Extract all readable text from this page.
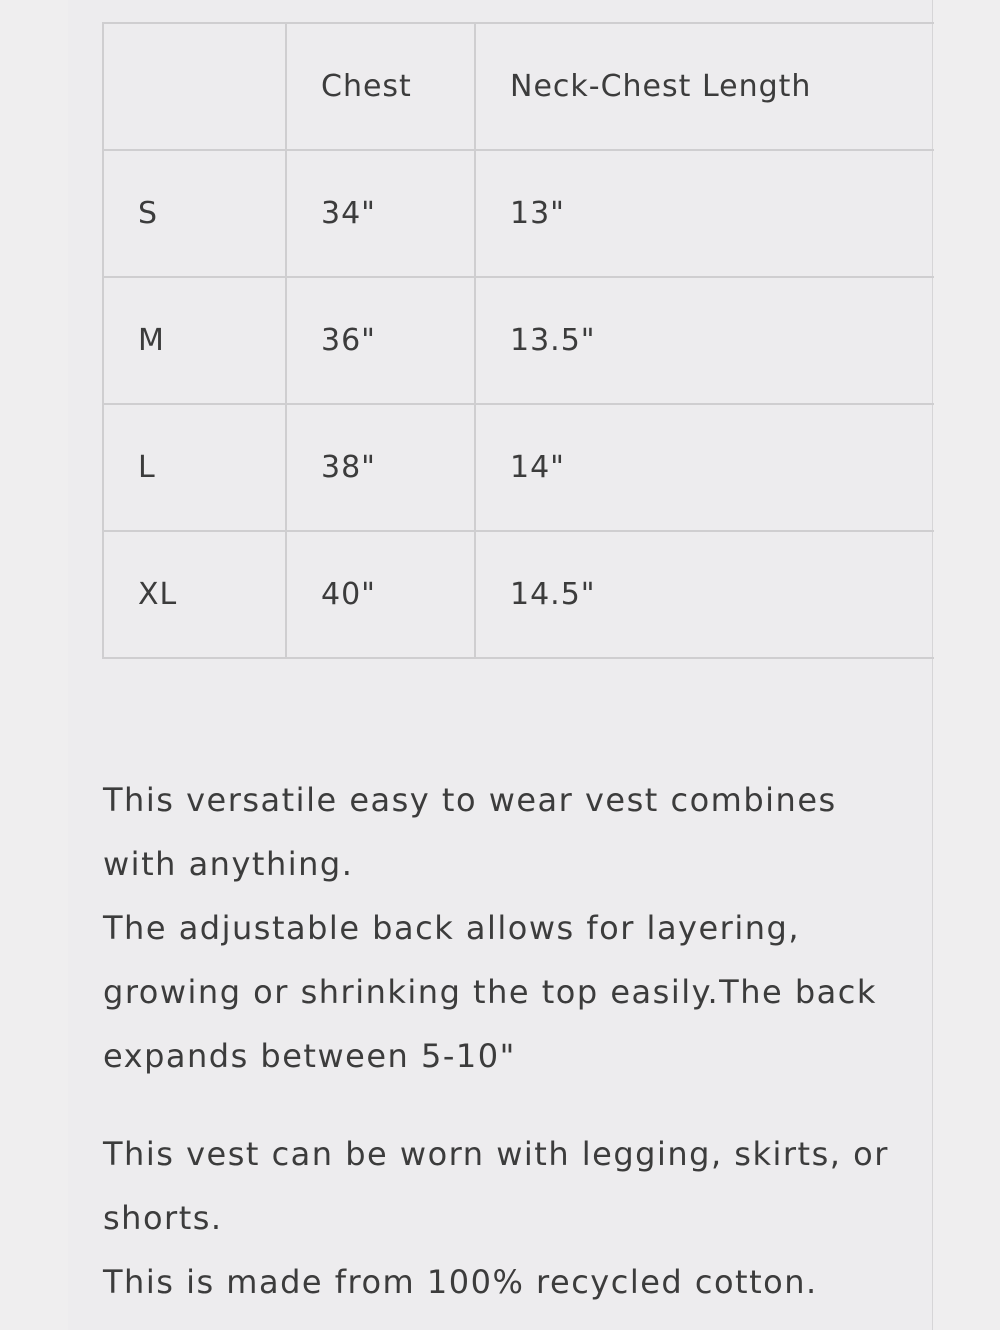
	Chest	Neck-Chest Length
S	34"	13"
M	36"	13.5"
L	38"	14"
XL	40"	14.5"

This versatile easy to wear vest combines with anything.

The adjustable back allows for layering, growing or shrinking the top easily.The back expands between 5-10"

This vest can be worn with legging, skirts, or shorts.

This is made from 100% recycled cotton.
